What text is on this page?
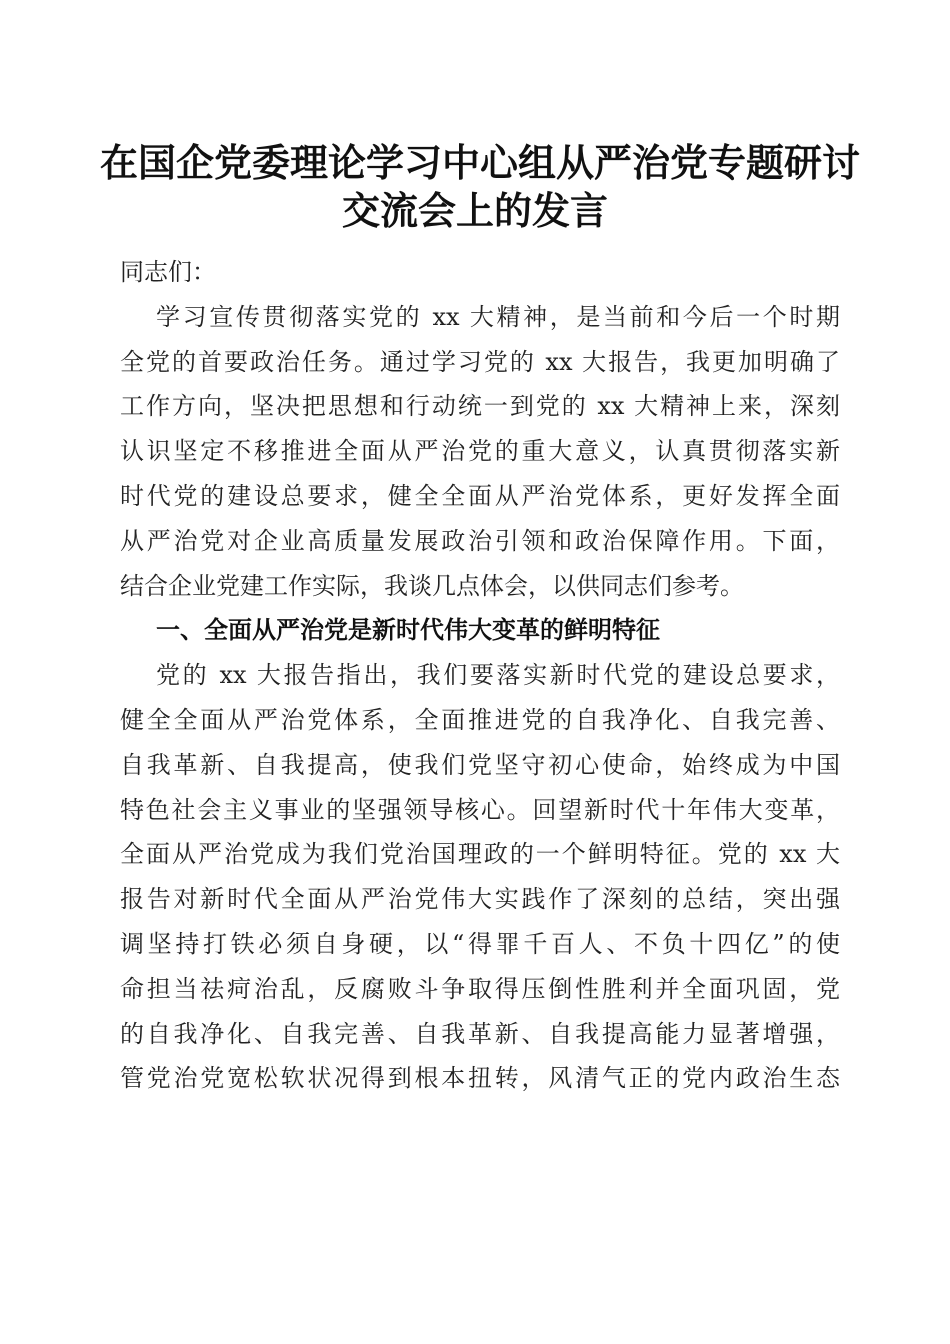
在国企党委理论学习中心组从严治党专题研讨
交流会上的发言
同志们：
学习宣传贯彻落实党的 xx 大精神，是当前和今后一个时期
全党的首要政治任务。通过学习党的 xx 大报告，我更加明确了
工作方向，坚决把思想和行动统一到党的 xx 大精神上来，深刻
认识坚定不移推进全面从严治党的重大意义，认真贯彻落实新
时代党的建设总要求，健全全面从严治党体系，更好发挥全面
从严治党对企业高质量发展政治引领和政治保障作用。下面，
结合企业党建工作实际，我谈几点体会，以供同志们参考。
一、全面从严治党是新时代伟大变革的鲜明特征
党的 xx 大报告指出，我们要落实新时代党的建设总要求，
健全全面从严治党体系，全面推进党的自我净化、自我完善、
自我革新、自我提高，使我们党坚守初心使命，始终成为中国
特色社会主义事业的坚强领导核心。回望新时代十年伟大变革，
全面从严治党成为我们党治国理政的一个鲜明特征。党的 xx 大
报告对新时代全面从严治党伟大实践作了深刻的总结，突出强
调坚持打铁必须自身硬，以“得罪千百人、不负十四亿”的使
命担当祛疴治乱，反腐败斗争取得压倒性胜利并全面巩固，党
的自我净化、自我完善、自我革新、自我提高能力显著增强，
管党治党宽松软状况得到根本扭转，风清气正的党内政治生态
